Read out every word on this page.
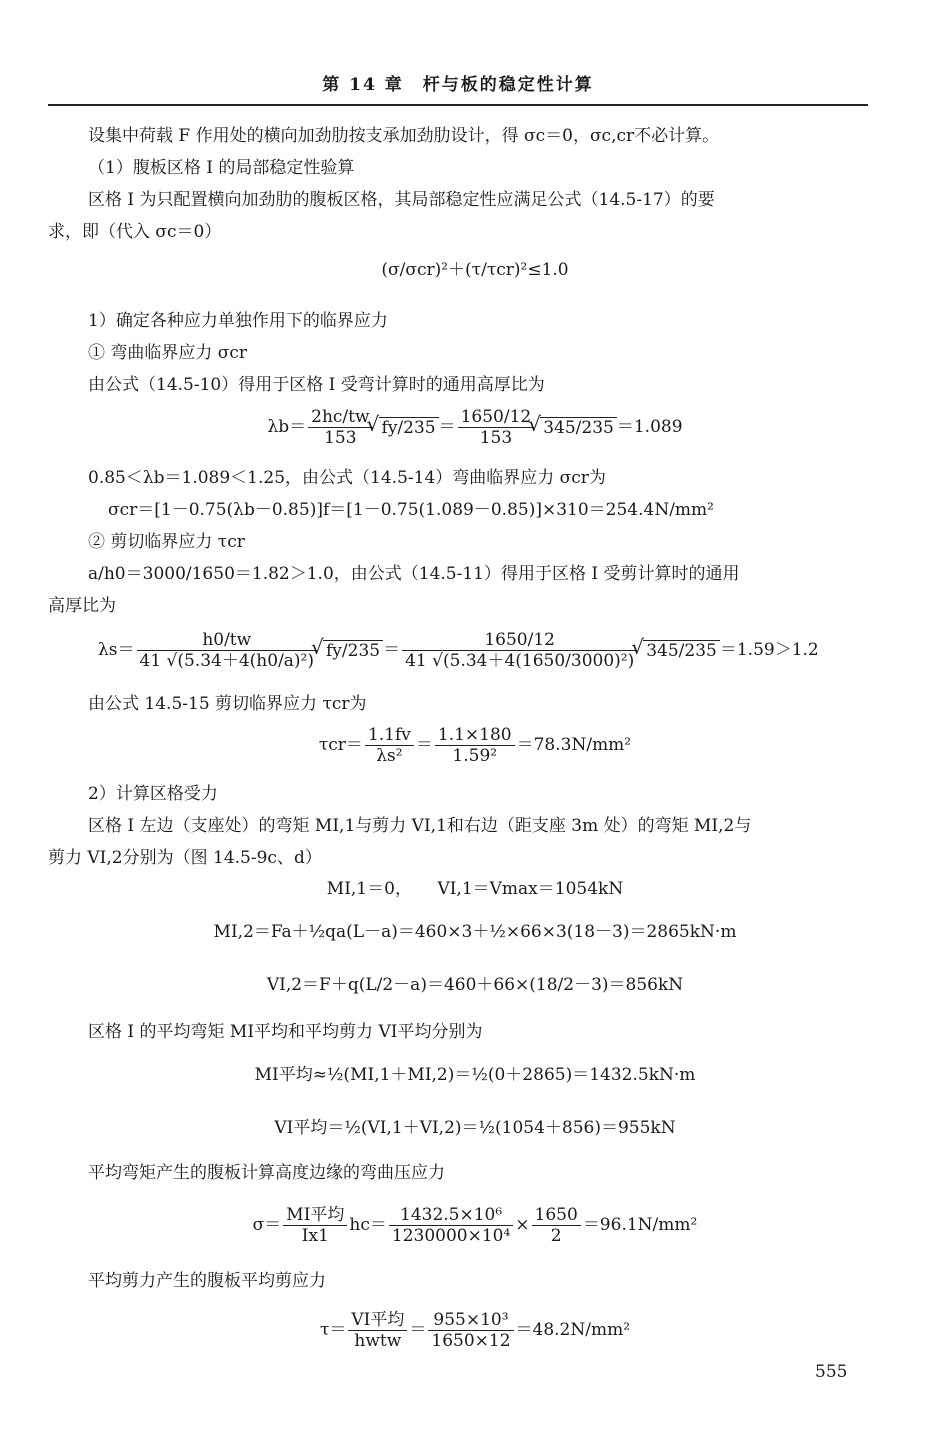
第 14 章　杆与板的稳定性计算
设集中荷载 F 作用处的横向加劲肋按支承加劲肋设计，得 σc＝0，σc,cr不必计算。
（1）腹板区格 I 的局部稳定性验算
区格 I 为只配置横向加劲肋的腹板区格，其局部稳定性应满足公式（14.5-17）的要
求，即（代入 σc＝0）
(σ/σcr)²＋(τ/τcr)²≤1.0
1）确定各种应力单独作用下的临界应力
① 弯曲临界应力 σcr
由公式（14.5-10）得用于区格 I 受弯计算时的通用高厚比为
$\lambda b= \frac{2hc/tw}{153}$ √ $fy/235 = \frac{1650/12}{153}$ √ 345/235 ＝1.089
0.85＜λb＝1.089＜1.25，由公式（14.5-14）弯曲临界应力 σcr为
σcr＝[1－0.75(λb－0.85)]f＝[1－0.75(1.089－0.85)]×310＝254.4N/mm²
② 剪切临界应力 τcr
a/h0＝3000/1650＝1.82＞1.0，由公式（14.5-11）得用于区格 I 受剪计算时的通用
高厚比为
$\lambda s= \frac{h0/tw}{\text{41 √(5.34＋4(h0/a)²)}}$ √ $fy/235 = \frac{1650/12}{\text{41 √(5.34＋4(1650/3000)²)}}$ √ 345/235 ＝1.59＞1.2
由公式 14.5-15 剪切临界应力 τcr为
$\tau cr= \frac{1.1fv}{\text{λs²}} = \frac{1.1\times 180}{\text{1.59²}} =78.3N/mm^2$
2）计算区格受力
区格 I 左边（支座处）的弯矩 MI,1与剪力 VI,1和右边（距支座 3m 处）的弯矩 MI,2与
剪力 VI,2分别为（图 14.5-9c、d）
MI,1＝0，　　VI,1＝Vmax＝1054kN
MI,2＝Fa＋½qa(L－a)＝460×3＋½×66×3(18－3)＝2865kN·m
VI,2＝F＋q(L/2－a)＝460＋66×(18/2－3)＝856kN
区格 I 的平均弯矩 MI平均和平均剪力 VI平均分别为
MI平均≈½(MI,1＋MI,2)＝½(0＋2865)＝1432.5kN·m
VI平均＝½(VI,1＋VI,2)＝½(1054＋856)＝955kN
平均弯矩产生的腹板计算高度边缘的弯曲压应力
$\sigma= \frac{\text{MI平均}}{Ix1} hc= \frac{\text{1432.5×10⁶}}{\text{1230000×10⁴}} \times \frac{1650}{2} =96.1N/mm^2$
平均剪力产生的腹板平均剪应力
$\tau= \frac{\text{VI平均}}{\text{hwtw}} = \frac{\text{955×10³}}{1650\times 12} =48.2N/mm^2$
555
